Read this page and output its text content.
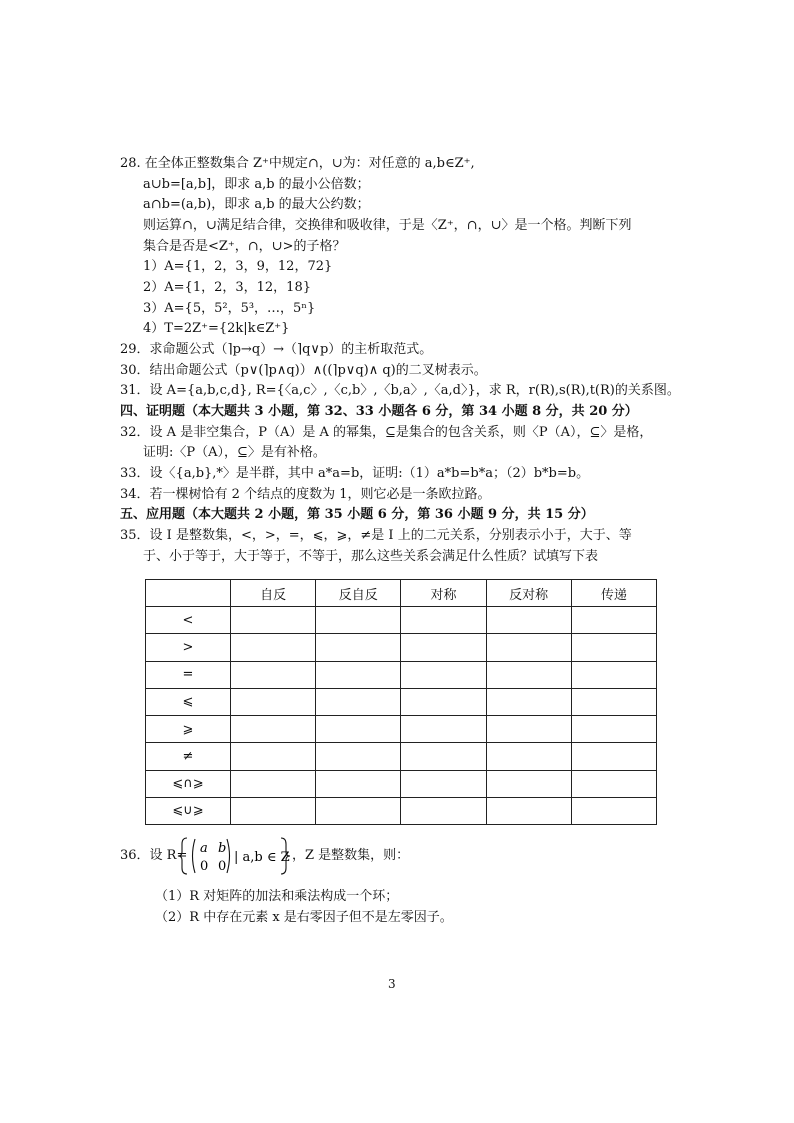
28. 在全体正整数集合 Z⁺中规定∩，∪为：对任意的 a,b∈Z⁺,
a∪b=[a,b]，即求 a,b 的最小公倍数；
a∩b=(a,b)，即求 a,b 的最大公约数；
则运算∩，∪满足结合律，交换律和吸收律，于是〈Z⁺，∩，∪〉是一个格。判断下列
集合是否是<Z⁺，∩，∪>的子格？
1）A={1，2，3，9，12，72}
2）A={1，2，3，12，18}
3）A={5，5²，5³，…，5ⁿ}
4）T=2Z⁺={2k|k∈Z⁺}
29．求命题公式（⌉p→q）→（⌉q∨p）的主析取范式。
30．结出命题公式（p∨(⌉p∧q)）∧((⌉p∨q)∧ q)的二叉树表示。
31．设 A={a,b,c,d}, R={〈a,c〉,〈c,b〉,〈b,a〉,〈a,d〉}，求 R，r(R),s(R),t(R)的关系图。
四、证明题（本大题共 3 小题，第 32、33 小题各 6 分，第 34 小题 8 分，共 20 分）
32．设 A 是非空集合，P（A）是 A 的幂集，⊆是集合的包含关系，则〈P（A），⊆〉是格，
证明:〈P（A），⊆〉是有补格。
33．设〈{a,b},*〉是半群，其中 a*a=b，证明:（1）a*b=b*a；（2）b*b=b。
34．若一棵树恰有 2 个结点的度数为 1，则它必是一条欧拉路。
五、应用题（本大题共 2 小题，第 35 小题 6 分，第 36 小题 9 分，共 15 分）
35．设 I 是整数集，<，>，=，⩽，⩾，≠是 I 上的二元关系，分别表示小于，大于、等
于、小于等于，大于等于，不等于，那么这些关系会满足什么性质？试填写下表
	自反	反自反	对称	反对称	传递
<					
>					
=					
⩽					
⩾					
≠					
⩽∩⩾					
⩽∪⩾					
36．设 R= a b
0 0
| a,b ∈ Z ，Z 是整数集，则：
（1）R 对矩阵的加法和乘法构成一个环；
（2）R 中存在元素 x 是右零因子但不是左零因子。
3
